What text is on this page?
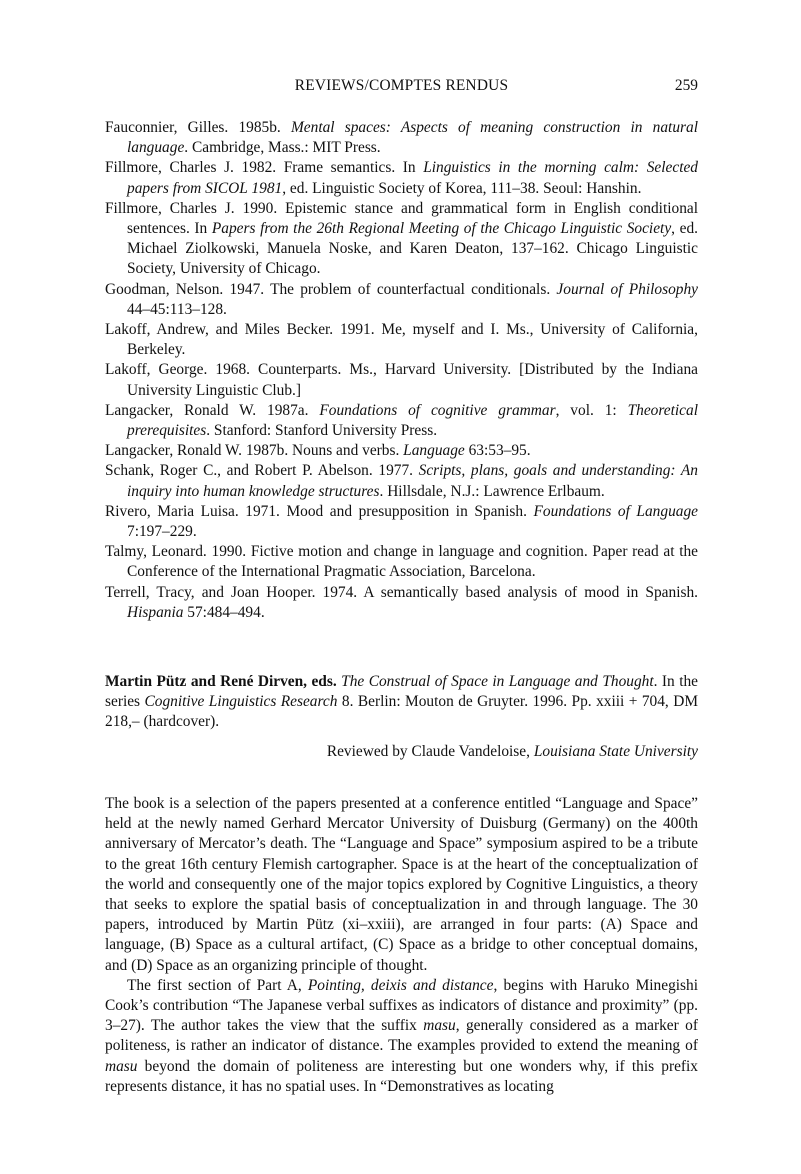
REVIEWS/COMPTES RENDUS	259
Fauconnier, Gilles. 1985b. Mental spaces: Aspects of meaning construction in natural language. Cambridge, Mass.: MIT Press.
Fillmore, Charles J. 1982. Frame semantics. In Linguistics in the morning calm: Selected papers from SICOL 1981, ed. Linguistic Society of Korea, 111–38. Seoul: Hanshin.
Fillmore, Charles J. 1990. Epistemic stance and grammatical form in English conditional sentences. In Papers from the 26th Regional Meeting of the Chicago Linguistic Society, ed. Michael Ziolkowski, Manuela Noske, and Karen Deaton, 137–162. Chicago Linguistic Society, University of Chicago.
Goodman, Nelson. 1947. The problem of counterfactual conditionals. Journal of Philosophy 44–45:113–128.
Lakoff, Andrew, and Miles Becker. 1991. Me, myself and I. Ms., University of California, Berkeley.
Lakoff, George. 1968. Counterparts. Ms., Harvard University. [Distributed by the Indiana University Linguistic Club.]
Langacker, Ronald W. 1987a. Foundations of cognitive grammar, vol. 1: Theoretical prerequisites. Stanford: Stanford University Press.
Langacker, Ronald W. 1987b. Nouns and verbs. Language 63:53–95.
Schank, Roger C., and Robert P. Abelson. 1977. Scripts, plans, goals and understanding: An inquiry into human knowledge structures. Hillsdale, N.J.: Lawrence Erlbaum.
Rivero, Maria Luisa. 1971. Mood and presupposition in Spanish. Foundations of Language 7:197–229.
Talmy, Leonard. 1990. Fictive motion and change in language and cognition. Paper read at the Conference of the International Pragmatic Association, Barcelona.
Terrell, Tracy, and Joan Hooper. 1974. A semantically based analysis of mood in Spanish. Hispania 57:484–494.
Martin Pütz and René Dirven, eds. The Construal of Space in Language and Thought. In the series Cognitive Linguistics Research 8. Berlin: Mouton de Gruyter. 1996. Pp. xxiii + 704, DM 218,– (hardcover).
Reviewed by Claude Vandeloise, Louisiana State University

The book is a selection of the papers presented at a conference entitled “Language and Space” held at the newly named Gerhard Mercator University of Duisburg (Germany) on the 400th anniversary of Mercator’s death. The “Language and Space” symposium aspired to be a tribute to the great 16th century Flemish cartographer. Space is at the heart of the conceptualization of the world and consequently one of the major topics explored by Cognitive Linguistics, a theory that seeks to explore the spatial basis of conceptualization in and through language. The 30 papers, introduced by Martin Pütz (xi–xxiii), are arranged in four parts: (A) Space and language, (B) Space as a cultural artifact, (C) Space as a bridge to other conceptual domains, and (D) Space as an organizing principle of thought.

The first section of Part A, Pointing, deixis and distance, begins with Haruko Minegishi Cook’s contribution “The Japanese verbal suffixes as indicators of distance and proximity” (pp. 3–27). The author takes the view that the suffix masu, generally considered as a marker of politeness, is rather an indicator of distance. The examples provided to extend the meaning of masu beyond the domain of politeness are interesting but one wonders why, if this prefix represents distance, it has no spatial uses. In “Demonstratives as locating
